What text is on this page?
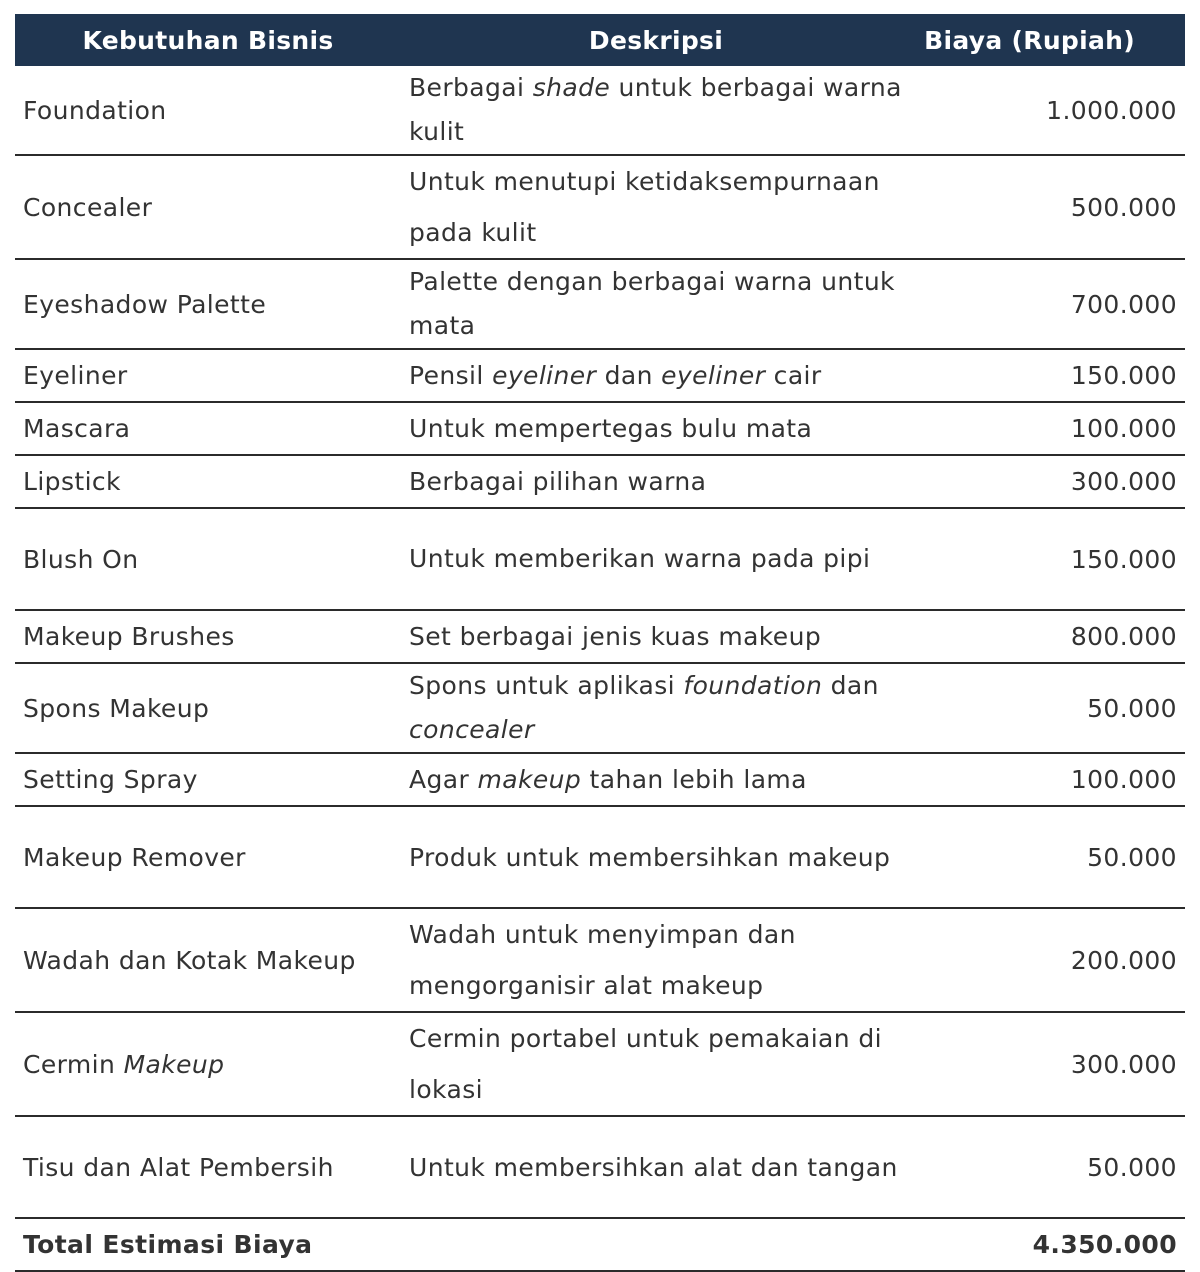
Kebutuhan Bisnis	Deskripsi	Biaya (Rupiah)
Foundation	Berbagai shade untuk berbagai warna kulit	1.000.000
Concealer	Untuk menutupi ketidaksempurnaan pada kulit	500.000
Eyeshadow Palette	Palette dengan berbagai warna untuk mata	700.000
Eyeliner	Pensil eyeliner dan eyeliner cair	150.000
Mascara	Untuk mempertegas bulu mata	100.000
Lipstick	Berbagai pilihan warna	300.000
Blush On	Untuk memberikan warna pada pipi	150.000
Makeup Brushes	Set berbagai jenis kuas makeup	800.000
Spons Makeup	Spons untuk aplikasi foundation dan concealer	50.000
Setting Spray	Agar makeup tahan lebih lama	100.000
Makeup Remover	Produk untuk membersihkan makeup	50.000
Wadah dan Kotak Makeup	Wadah untuk menyimpan dan mengorganisir alat makeup	200.000
Cermin Makeup	Cermin portabel untuk pemakaian di lokasi	300.000
Tisu dan Alat Pembersih	Untuk membersihkan alat dan tangan	50.000
Total Estimasi Biaya		4.350.000
